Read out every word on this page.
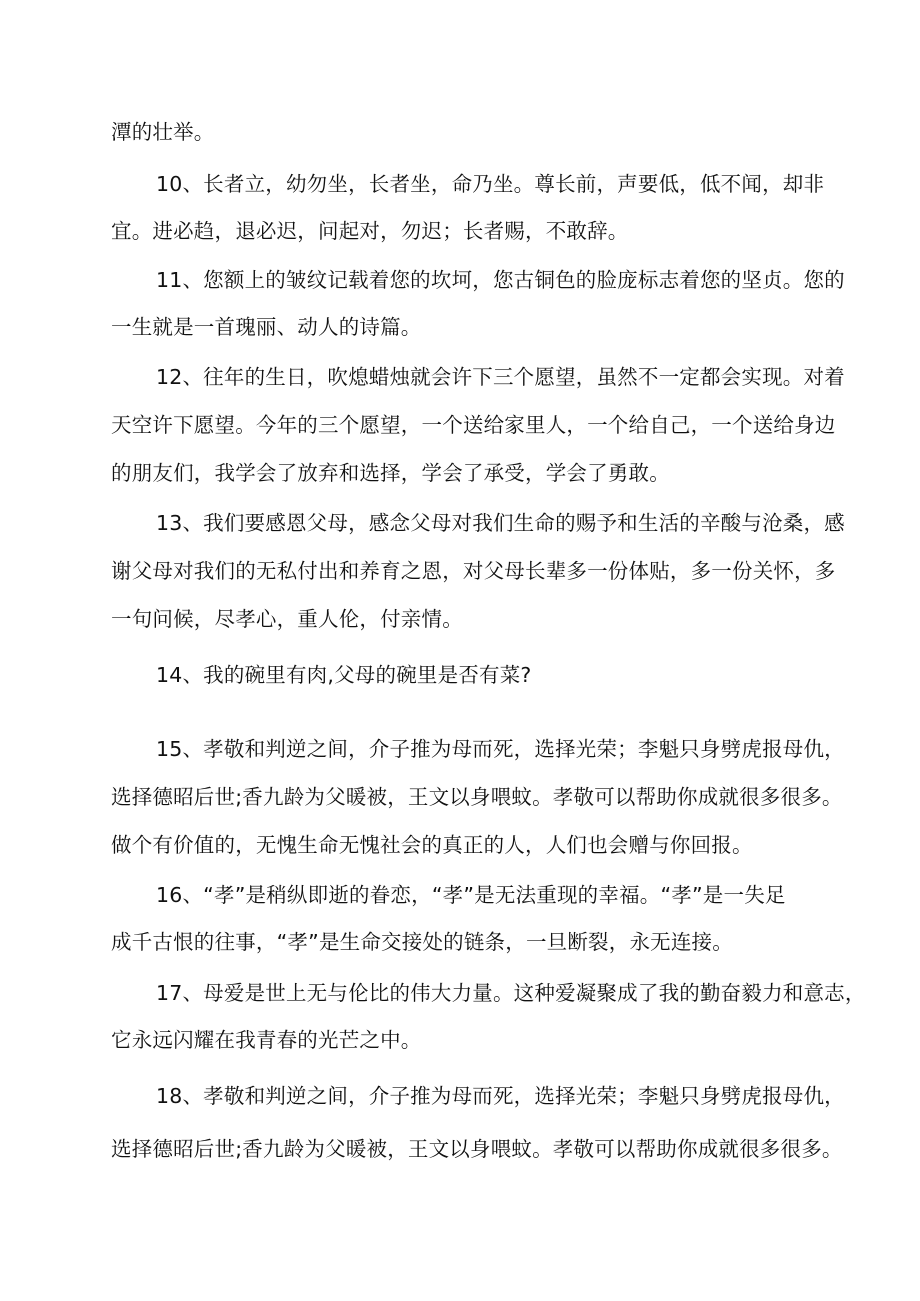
潭的壮举。
10、长者立，幼勿坐，长者坐，命乃坐。尊长前，声要低，低不闻，却非
宜。进必趋，退必迟，问起对，勿迟；长者赐，不敢辞。
11、您额上的皱纹记载着您的坎坷，您古铜色的脸庞标志着您的坚贞。您的
一生就是一首瑰丽、动人的诗篇。
12、往年的生日，吹熄蜡烛就会许下三个愿望，虽然不一定都会实现。对着
天空许下愿望。今年的三个愿望，一个送给家里人，一个给自己，一个送给身边
的朋友们，我学会了放弃和选择，学会了承受，学会了勇敢。
13、我们要感恩父母，感念父母对我们生命的赐予和生活的辛酸与沧桑，感
谢父母对我们的无私付出和养育之恩，对父母长辈多一份体贴，多一份关怀，多
一句问候，尽孝心，重人伦，付亲情。
14、我的碗里有肉,父母的碗里是否有菜?
15、孝敬和判逆之间，介子推为母而死，选择光荣；李魁只身劈虎报母仇，
选择德昭后世;香九龄为父暖被，王文以身喂蚊。孝敬可以帮助你成就很多很多。
做个有价值的，无愧生命无愧社会的真正的人，人们也会赠与你回报。
16、“孝”是稍纵即逝的眷恋，“孝”是无法重现的幸福。“孝”是一失足
成千古恨的往事，“孝”是生命交接处的链条，一旦断裂，永无连接。
17、母爱是世上无与伦比的伟大力量。这种爱凝聚成了我的勤奋毅力和意志，
它永远闪耀在我青春的光芒之中。
18、孝敬和判逆之间，介子推为母而死，选择光荣；李魁只身劈虎报母仇，
选择德昭后世;香九龄为父暖被，王文以身喂蚊。孝敬可以帮助你成就很多很多。
